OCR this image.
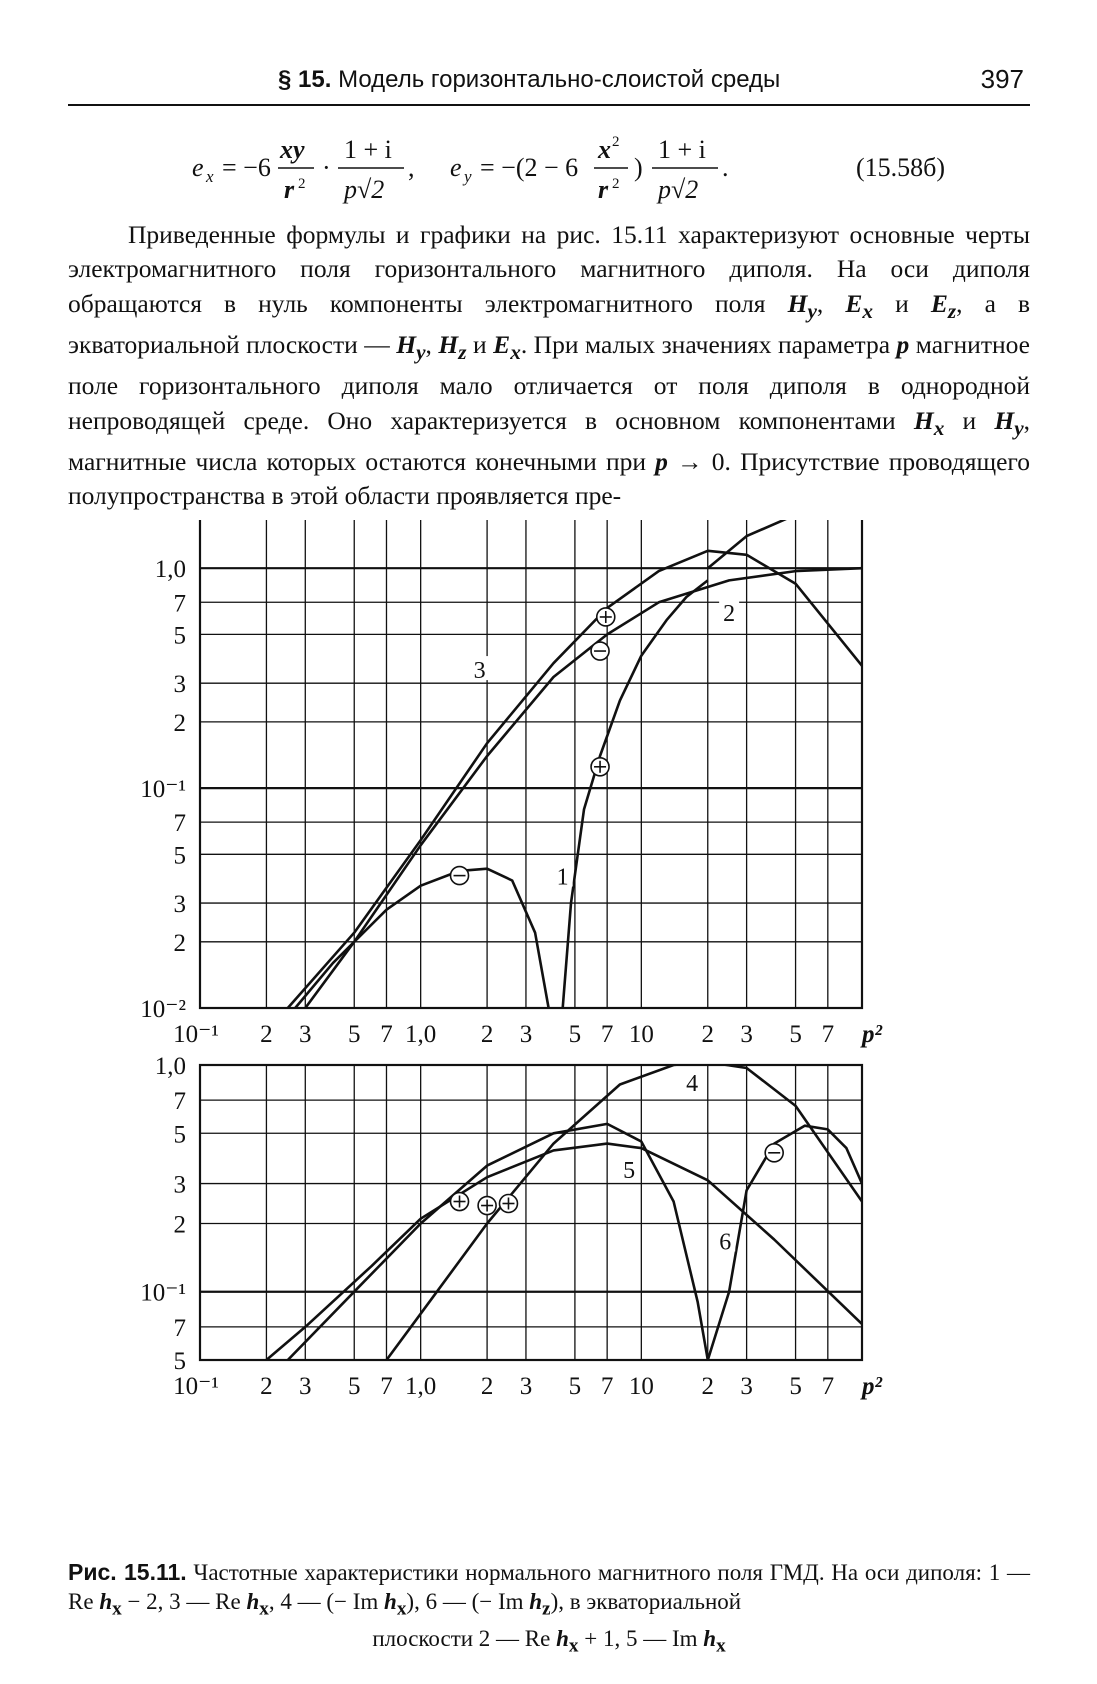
§ 15. Модель горизонтально-слоистой среды	397
e x = −6
xy
r 2
·
1 + i
p√2
, e y = −(2 − 6
x 2
r 2
)
1 + i
p√2
.	(15.58б)

Приведенные формулы и графики на рис. 15.11 характеризуют основные черты электромагнитного поля горизонтального магнитного диполя. На оси диполя обращаются в нуль компоненты электромагнитного поля $H_y$, $E_x$ и $E_z$, а в экваториальной плоскости — $H_y$, $H_z$ и $E_x$. При малых значениях параметра p магнитное поле горизонтального диполя мало отличается от поля диполя в однородной непроводящей среде. Оно характеризуется в основном компонентами $H_x$ и $H_y$, магнитные числа которых остаются конечными при p → 0. Присутствие проводящего полупространства в этой области проявляется пре-

1,0
7
5
3
2
10⁻¹
7
5
3
2
10⁻²
10⁻¹ 2 3 5 7 1,0 2 3 5 7 10 2 3 5 7 p²
1
2
3
1,0
7
5
3
2
10⁻¹
7
5
10⁻¹ 2 3 5 7 1,0 2 3 5 7 10 2 3 5 7 p²
4
5
6
Рис. 15.11. Частотные характеристики нормального магнитного поля ГМД. На оси диполя: 1 — Re $h_x - 2$, 3 — Re $h_x$, 4 — (− Im $h_x$), 6 — (− Im $h_z$), в экваториальной
плоскости 2 — Re $h_x + 1$, 5 — Im $h_x$
